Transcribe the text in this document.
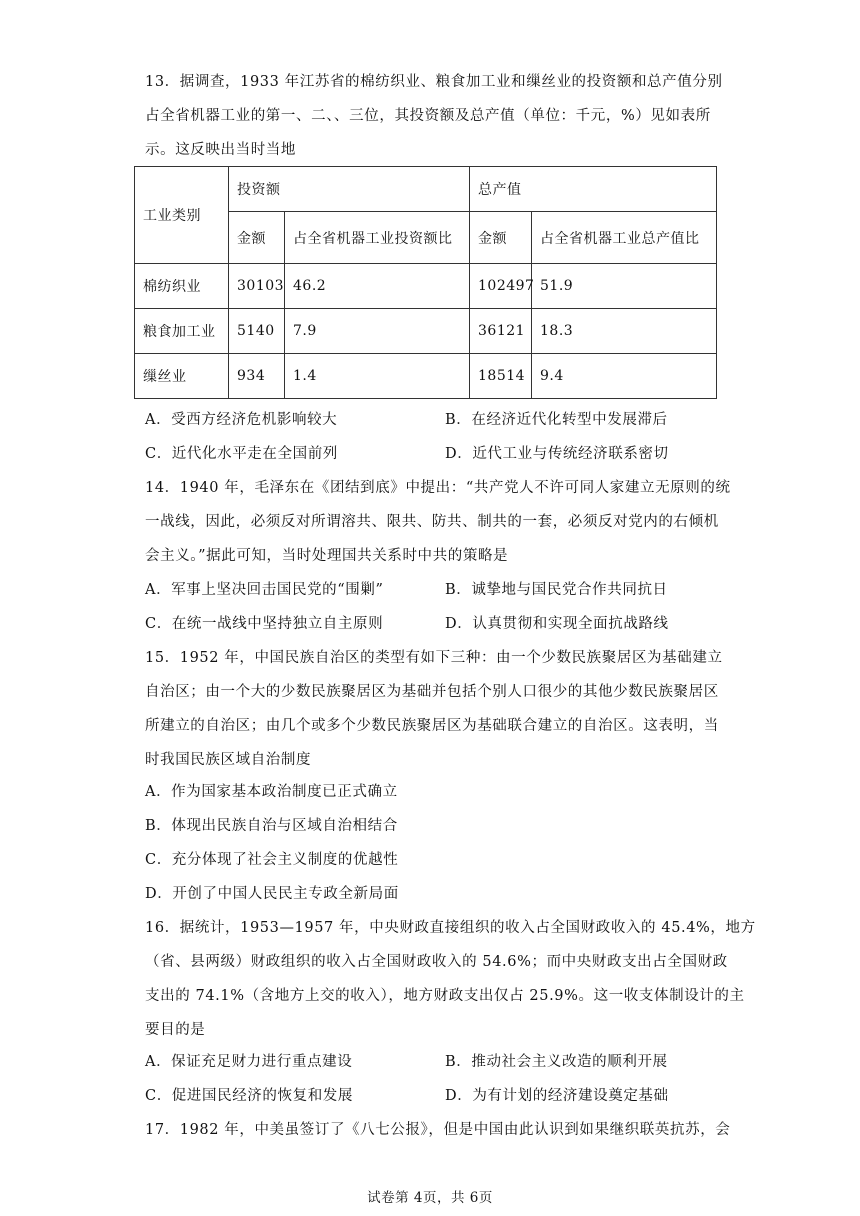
13．据调查，1933 年江苏省的棉纺织业、粮食加工业和缫丝业的投资额和总产值分别
占全省机器工业的第一、二、、三位，其投资额及总产值（单位：千元，%）见如表所
示。这反映出当时当地
工业类别	投资额		总产值	
	金额	占全省机器工业投资额比	金额	占全省机器工业总产值比
棉纺织业	30103	46.2	102497	51.9
粮食加工业	5140	7.9	36121	18.3
缫丝业	934	1.4	18514	9.4
A．受西方经济危机影响较大	B．在经济近代化转型中发展滞后
C．近代化水平走在全国前列	D．近代工业与传统经济联系密切
14．1940 年，毛泽东在《团结到底》中提出：“共产党人不许可同人家建立无原则的统
一战线，因此，必须反对所谓溶共、限共、防共、制共的一套，必须反对党内的右倾机
会主义。”据此可知，当时处理国共关系时中共的策略是
A．军事上坚决回击国民党的“围剿”	B．诚挚地与国民党合作共同抗日
C．在统一战线中坚持独立自主原则	D．认真贯彻和实现全面抗战路线
15．1952 年，中国民族自治区的类型有如下三种：由一个少数民族聚居区为基础建立
自治区；由一个大的少数民族聚居区为基础并包括个别人口很少的其他少数民族聚居区
所建立的自治区；由几个或多个少数民族聚居区为基础联合建立的自治区。这表明，当
时我国民族区域自治制度
A．作为国家基本政治制度已正式确立
B．体现出民族自治与区域自治相结合
C．充分体现了社会主义制度的优越性
D．开创了中国人民民主专政全新局面
16．据统计，1953—1957 年，中央财政直接组织的收入占全国财政收入的 45.4%，地方
（省、县两级）财政组织的收入占全国财政收入的 54.6%；而中央财政支出占全国财政
支出的 74.1%（含地方上交的收入），地方财政支出仅占 25.9%。这一收支体制设计的主
要目的是
A．保证充足财力进行重点建设	B．推动社会主义改造的顺利开展
C．促进国民经济的恢复和发展	D．为有计划的经济建设奠定基础
17．1982 年，中美虽签订了《八七公报》，但是中国由此认识到如果继织联英抗苏，会
试卷第 4页，共 6页
